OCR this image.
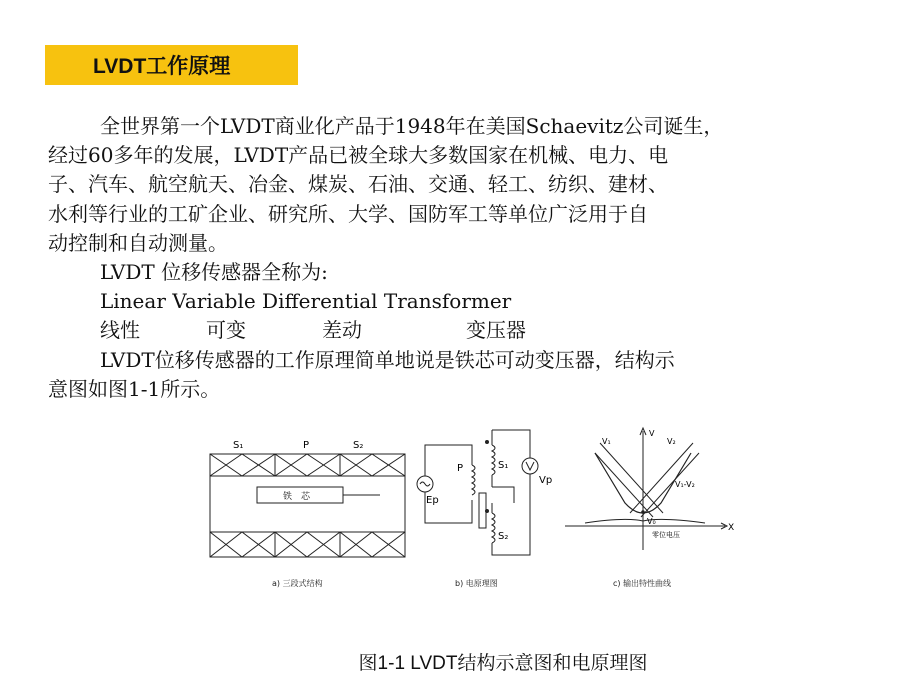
LVDT工作原理

全世界第一个LVDT商业化产品于1948年在美国Schaevitz公司诞生，

经过60多年的发展，LVDT产品已被全球大多数国家在机械、电力、电

子、汽车、航空航天、冶金、煤炭、石油、交通、轻工、纺织、建材、

水利等行业的工矿企业、研究所、大学、国防军工等单位广泛用于自

动控制和自动测量。

LVDT 位移传感器全称为:

Linear Variable Differential Transformer

线性	可变	差动	变压器

LVDT位移传感器的工作原理简单地说是铁芯可动变压器，结构示

意图如图1-1所示。

S₁	P	S₂
铁　芯
P	S₁
S₂
Ep
Vp
V
V₁	V₂
V₁-V₂
V₀
X
零位电压
a) 三段式结构	b) 电原理图	c) 输出特性曲线
图1-1 LVDT结构示意图和电原理图
